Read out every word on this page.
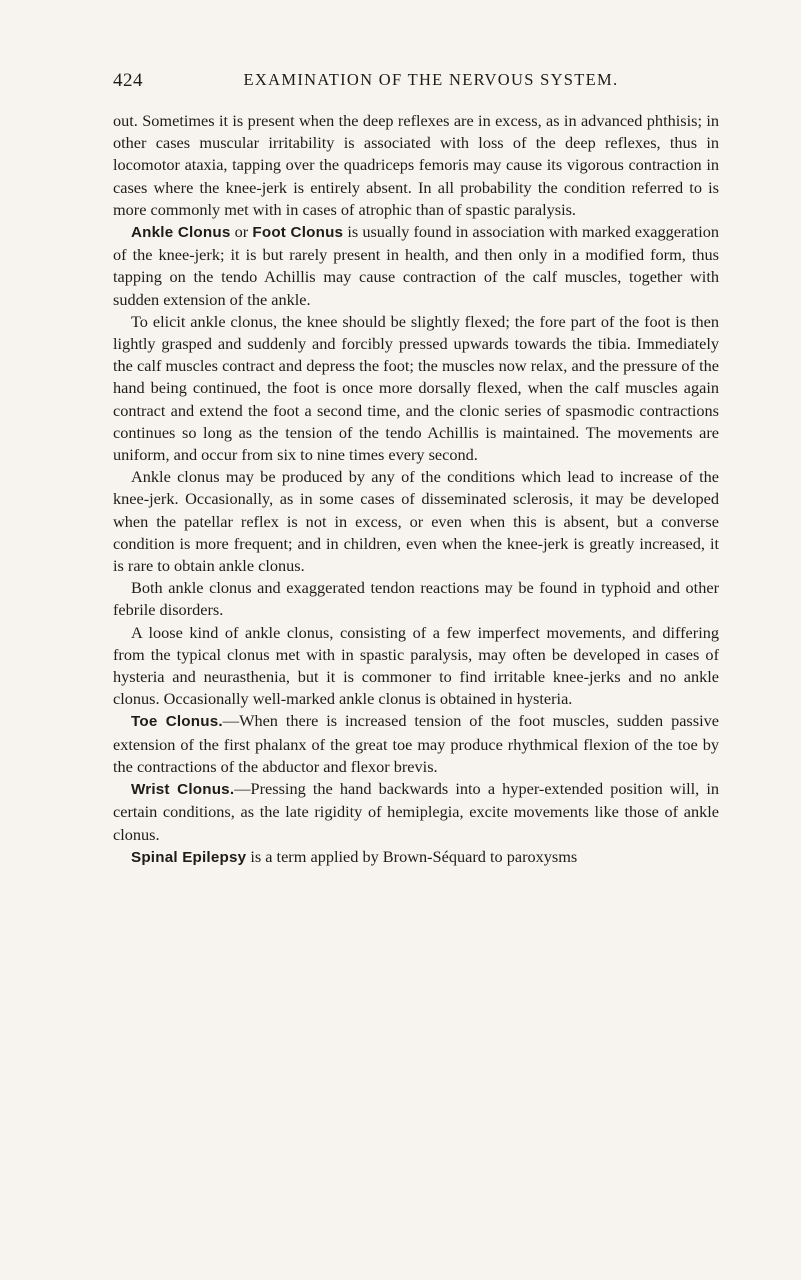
424	EXAMINATION OF THE NERVOUS SYSTEM.

out. Sometimes it is present when the deep reflexes are in excess, as in advanced phthisis; in other cases muscular irritability is associated with loss of the deep reflexes, thus in locomotor ataxia, tapping over the quadriceps femoris may cause its vigorous contraction in cases where the knee-jerk is entirely absent. In all probability the condition referred to is more commonly met with in cases of atrophic than of spastic paralysis.

Ankle Clonus or Foot Clonus is usually found in association with marked exaggeration of the knee-jerk; it is but rarely present in health, and then only in a modified form, thus tapping on the tendo Achillis may cause contraction of the calf muscles, together with sudden extension of the ankle.

To elicit ankle clonus, the knee should be slightly flexed; the fore part of the foot is then lightly grasped and suddenly and forcibly pressed upwards towards the tibia. Immediately the calf muscles contract and depress the foot; the muscles now relax, and the pressure of the hand being continued, the foot is once more dorsally flexed, when the calf muscles again contract and extend the foot a second time, and the clonic series of spasmodic contractions continues so long as the tension of the tendo Achillis is maintained. The movements are uniform, and occur from six to nine times every second.

Ankle clonus may be produced by any of the conditions which lead to increase of the knee-jerk. Occasionally, as in some cases of disseminated sclerosis, it may be developed when the patellar reflex is not in excess, or even when this is absent, but a converse condition is more frequent; and in children, even when the knee-jerk is greatly increased, it is rare to obtain ankle clonus.

Both ankle clonus and exaggerated tendon reactions may be found in typhoid and other febrile disorders.

A loose kind of ankle clonus, consisting of a few imperfect movements, and differing from the typical clonus met with in spastic paralysis, may often be developed in cases of hysteria and neurasthenia, but it is commoner to find irritable knee-jerks and no ankle clonus. Occasionally well-marked ankle clonus is obtained in hysteria.

Toe Clonus.—When there is increased tension of the foot muscles, sudden passive extension of the first phalanx of the great toe may produce rhythmical flexion of the toe by the contractions of the abductor and flexor brevis.

Wrist Clonus.—Pressing the hand backwards into a hyper-extended position will, in certain conditions, as the late rigidity of hemiplegia, excite movements like those of ankle clonus.

Spinal Epilepsy is a term applied by Brown-Séquard to paroxysms
